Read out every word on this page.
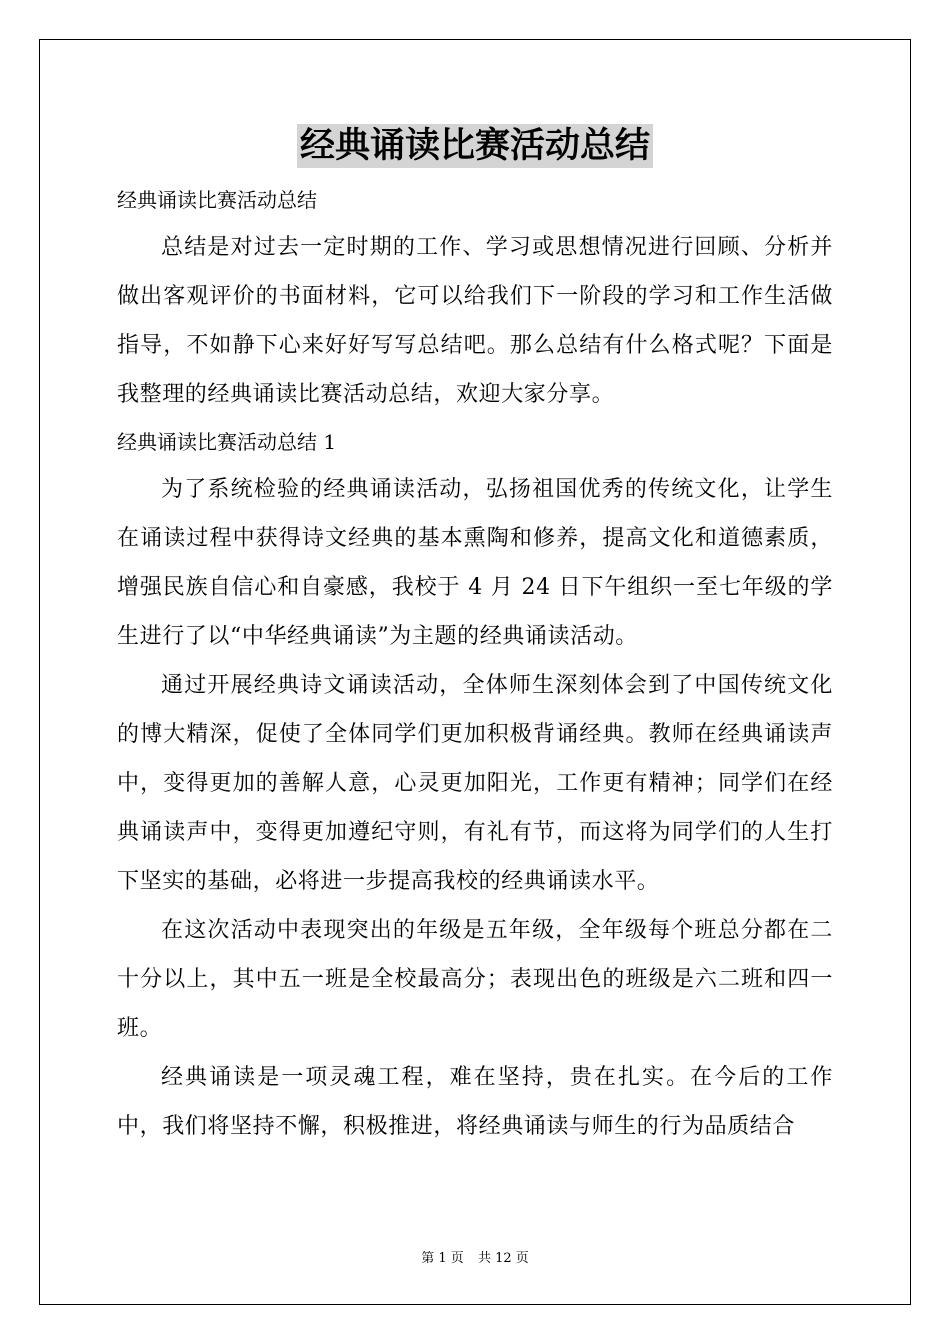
经典诵读比赛活动总结

经典诵读比赛活动总结

总结是对过去一定时期的工作、学习或思想情况进行回顾、分析并做出客观评价的书面材料，它可以给我们下一阶段的学习和工作生活做指导，不如静下心来好好写写总结吧。那么总结有什么格式呢？下面是我整理的经典诵读比赛活动总结，欢迎大家分享。

经典诵读比赛活动总结 1

为了系统检验的经典诵读活动，弘扬祖国优秀的传统文化，让学生在诵读过程中获得诗文经典的基本熏陶和修养，提高文化和道德素质，增强民族自信心和自豪感，我校于 4 月 24 日下午组织一至七年级的学生进行了以“中华经典诵读”为主题的经典诵读活动。

通过开展经典诗文诵读活动，全体师生深刻体会到了中国传统文化的博大精深，促使了全体同学们更加积极背诵经典。教师在经典诵读声中，变得更加的善解人意，心灵更加阳光，工作更有精神；同学们在经典诵读声中，变得更加遵纪守则，有礼有节，而这将为同学们的人生打下坚实的基础，必将进一步提高我校的经典诵读水平。

在这次活动中表现突出的年级是五年级，全年级每个班总分都在二十分以上，其中五一班是全校最高分；表现出色的班级是六二班和四一班。

经典诵读是一项灵魂工程，难在坚持，贵在扎实。在今后的工作中，我们将坚持不懈，积极推进，将经典诵读与师生的行为品质结合

第 1 页 共 12 页
